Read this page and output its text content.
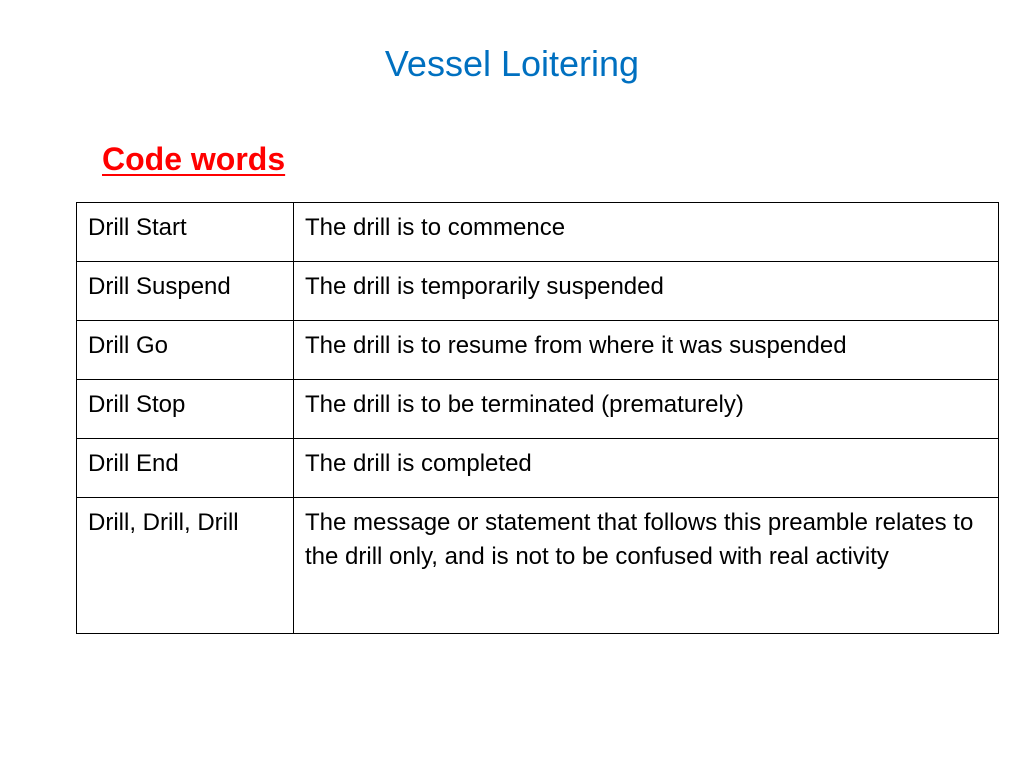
Vessel Loitering
Code words
Drill Start	The drill is to commence
Drill Suspend	The drill is temporarily suspended
Drill Go	The drill is to resume from where it was suspended
Drill Stop	The drill is to be terminated (prematurely)
Drill End	The drill is completed
Drill, Drill, Drill	The message or statement that follows this preamble relates to the drill only, and is not to be confused with real activity
